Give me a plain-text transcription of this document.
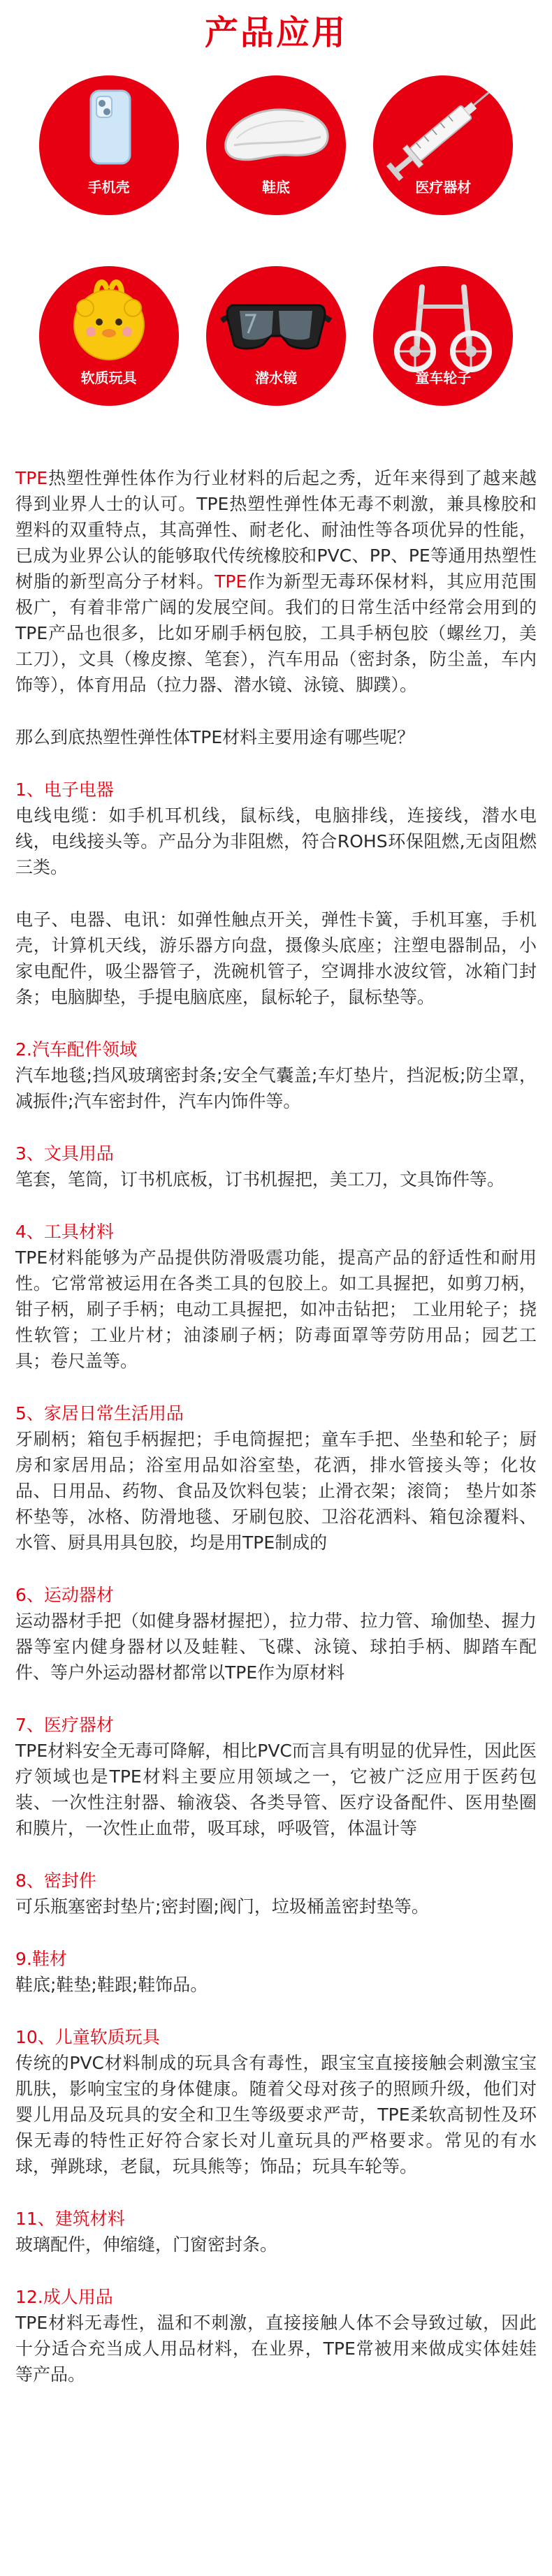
产品应用
手机壳	鞋底	医疗器材
软质玩具	潜水镜	童车轮子

TPE热塑性弹性体作为行业材料的后起之秀，近年来得到了越来越得到业界人士的认可。TPE热塑性弹性体无毒不刺激，兼具橡胶和塑料的双重特点，其高弹性、耐老化、耐油性等各项优异的性能，已成为业界公认的能够取代传统橡胶和PVC、PP、PE等通用热塑性树脂的新型高分子材料。TPE作为新型无毒环保材料，其应用范围极广，有着非常广阔的发展空间。我们的日常生活中经常会用到的TPE产品也很多，比如牙刷手柄包胶，工具手柄包胶（螺丝刀，美工刀），文具（橡皮擦、笔套），汽车用品（密封条，防尘盖，车内饰等），体育用品（拉力器、潜水镜、泳镜、脚蹼）。

那么到底热塑性弹性体TPE材料主要用途有哪些呢？

1、电子电器

电线电缆：如手机耳机线，鼠标线，电脑排线，连接线，潜水电线，电线接头等。产品分为非阻燃，符合ROHS环保阻燃,无卤阻燃三类。

电子、电器、电讯：如弹性触点开关，弹性卡簧，手机耳塞，手机壳，计算机天线，游乐器方向盘，摄像头底座；注塑电器制品，小家电配件，吸尘器管子，洗碗机管子，空调排水波纹管，冰箱门封条；电脑脚垫，手提电脑底座，鼠标轮子，鼠标垫等。

2.汽车配件领域

汽车地毯;挡风玻璃密封条;安全气囊盖;车灯垫片，挡泥板;防尘罩，减振件;汽车密封件，汽车内饰件等。

3、文具用品

笔套，笔筒，订书机底板，订书机握把，美工刀，文具饰件等。

4、工具材料

TPE材料能够为产品提供防滑吸震功能，提高产品的舒适性和耐用性。它常常被运用在各类工具的包胶上。如工具握把，如剪刀柄，钳子柄，刷子手柄；电动工具握把，如冲击钻把； 工业用轮子；挠性软管；工业片材；油漆刷子柄；防毒面罩等劳防用品；园艺工具；卷尺盖等。

5、家居日常生活用品

牙刷柄；箱包手柄握把；手电筒握把；童车手把、坐垫和轮子；厨房和家居用品；浴室用品如浴室垫，花洒，排水管接头等；化妆品、日用品、药物、食品及饮料包装；止滑衣架；滚筒； 垫片如茶杯垫等，冰格、防滑地毯、牙刷包胶、卫浴花洒料、箱包涂覆料、水管、厨具用具包胶，均是用TPE制成的

6、运动器材

运动器材手把（如健身器材握把），拉力带、拉力管、瑜伽垫、握力器等室内健身器材以及蛙鞋、飞碟、泳镜、球拍手柄、脚踏车配件、等户外运动器材都常以TPE作为原材料

7、医疗器材

TPE材料安全无毒可降解，相比PVC而言具有明显的优异性，因此医疗领域也是TPE材料主要应用领域之一，它被广泛应用于医药包装、一次性注射器、输液袋、各类导管、医疗设备配件、医用垫圈和膜片，一次性止血带，吸耳球，呼吸管，体温计等

8、密封件

可乐瓶塞密封垫片;密封圈;阀门，垃圾桶盖密封垫等。

9.鞋材

鞋底;鞋垫;鞋跟;鞋饰品。

10、儿童软质玩具

传统的PVC材料制成的玩具含有毒性，跟宝宝直接接触会刺激宝宝肌肤，影响宝宝的身体健康。随着父母对孩子的照顾升级，他们对婴儿用品及玩具的安全和卫生等级要求严苛，TPE柔软高韧性及环保无毒的特性正好符合家长对儿童玩具的严格要求。常见的有水球，弹跳球，老鼠，玩具熊等；饰品；玩具车轮等。

11、建筑材料

玻璃配件，伸缩缝，门窗密封条。

12.成人用品

TPE材料无毒性，温和不刺激，直接接触人体不会导致过敏，因此十分适合充当成人用品材料，在业界，TPE常被用来做成实体娃娃等产品。
